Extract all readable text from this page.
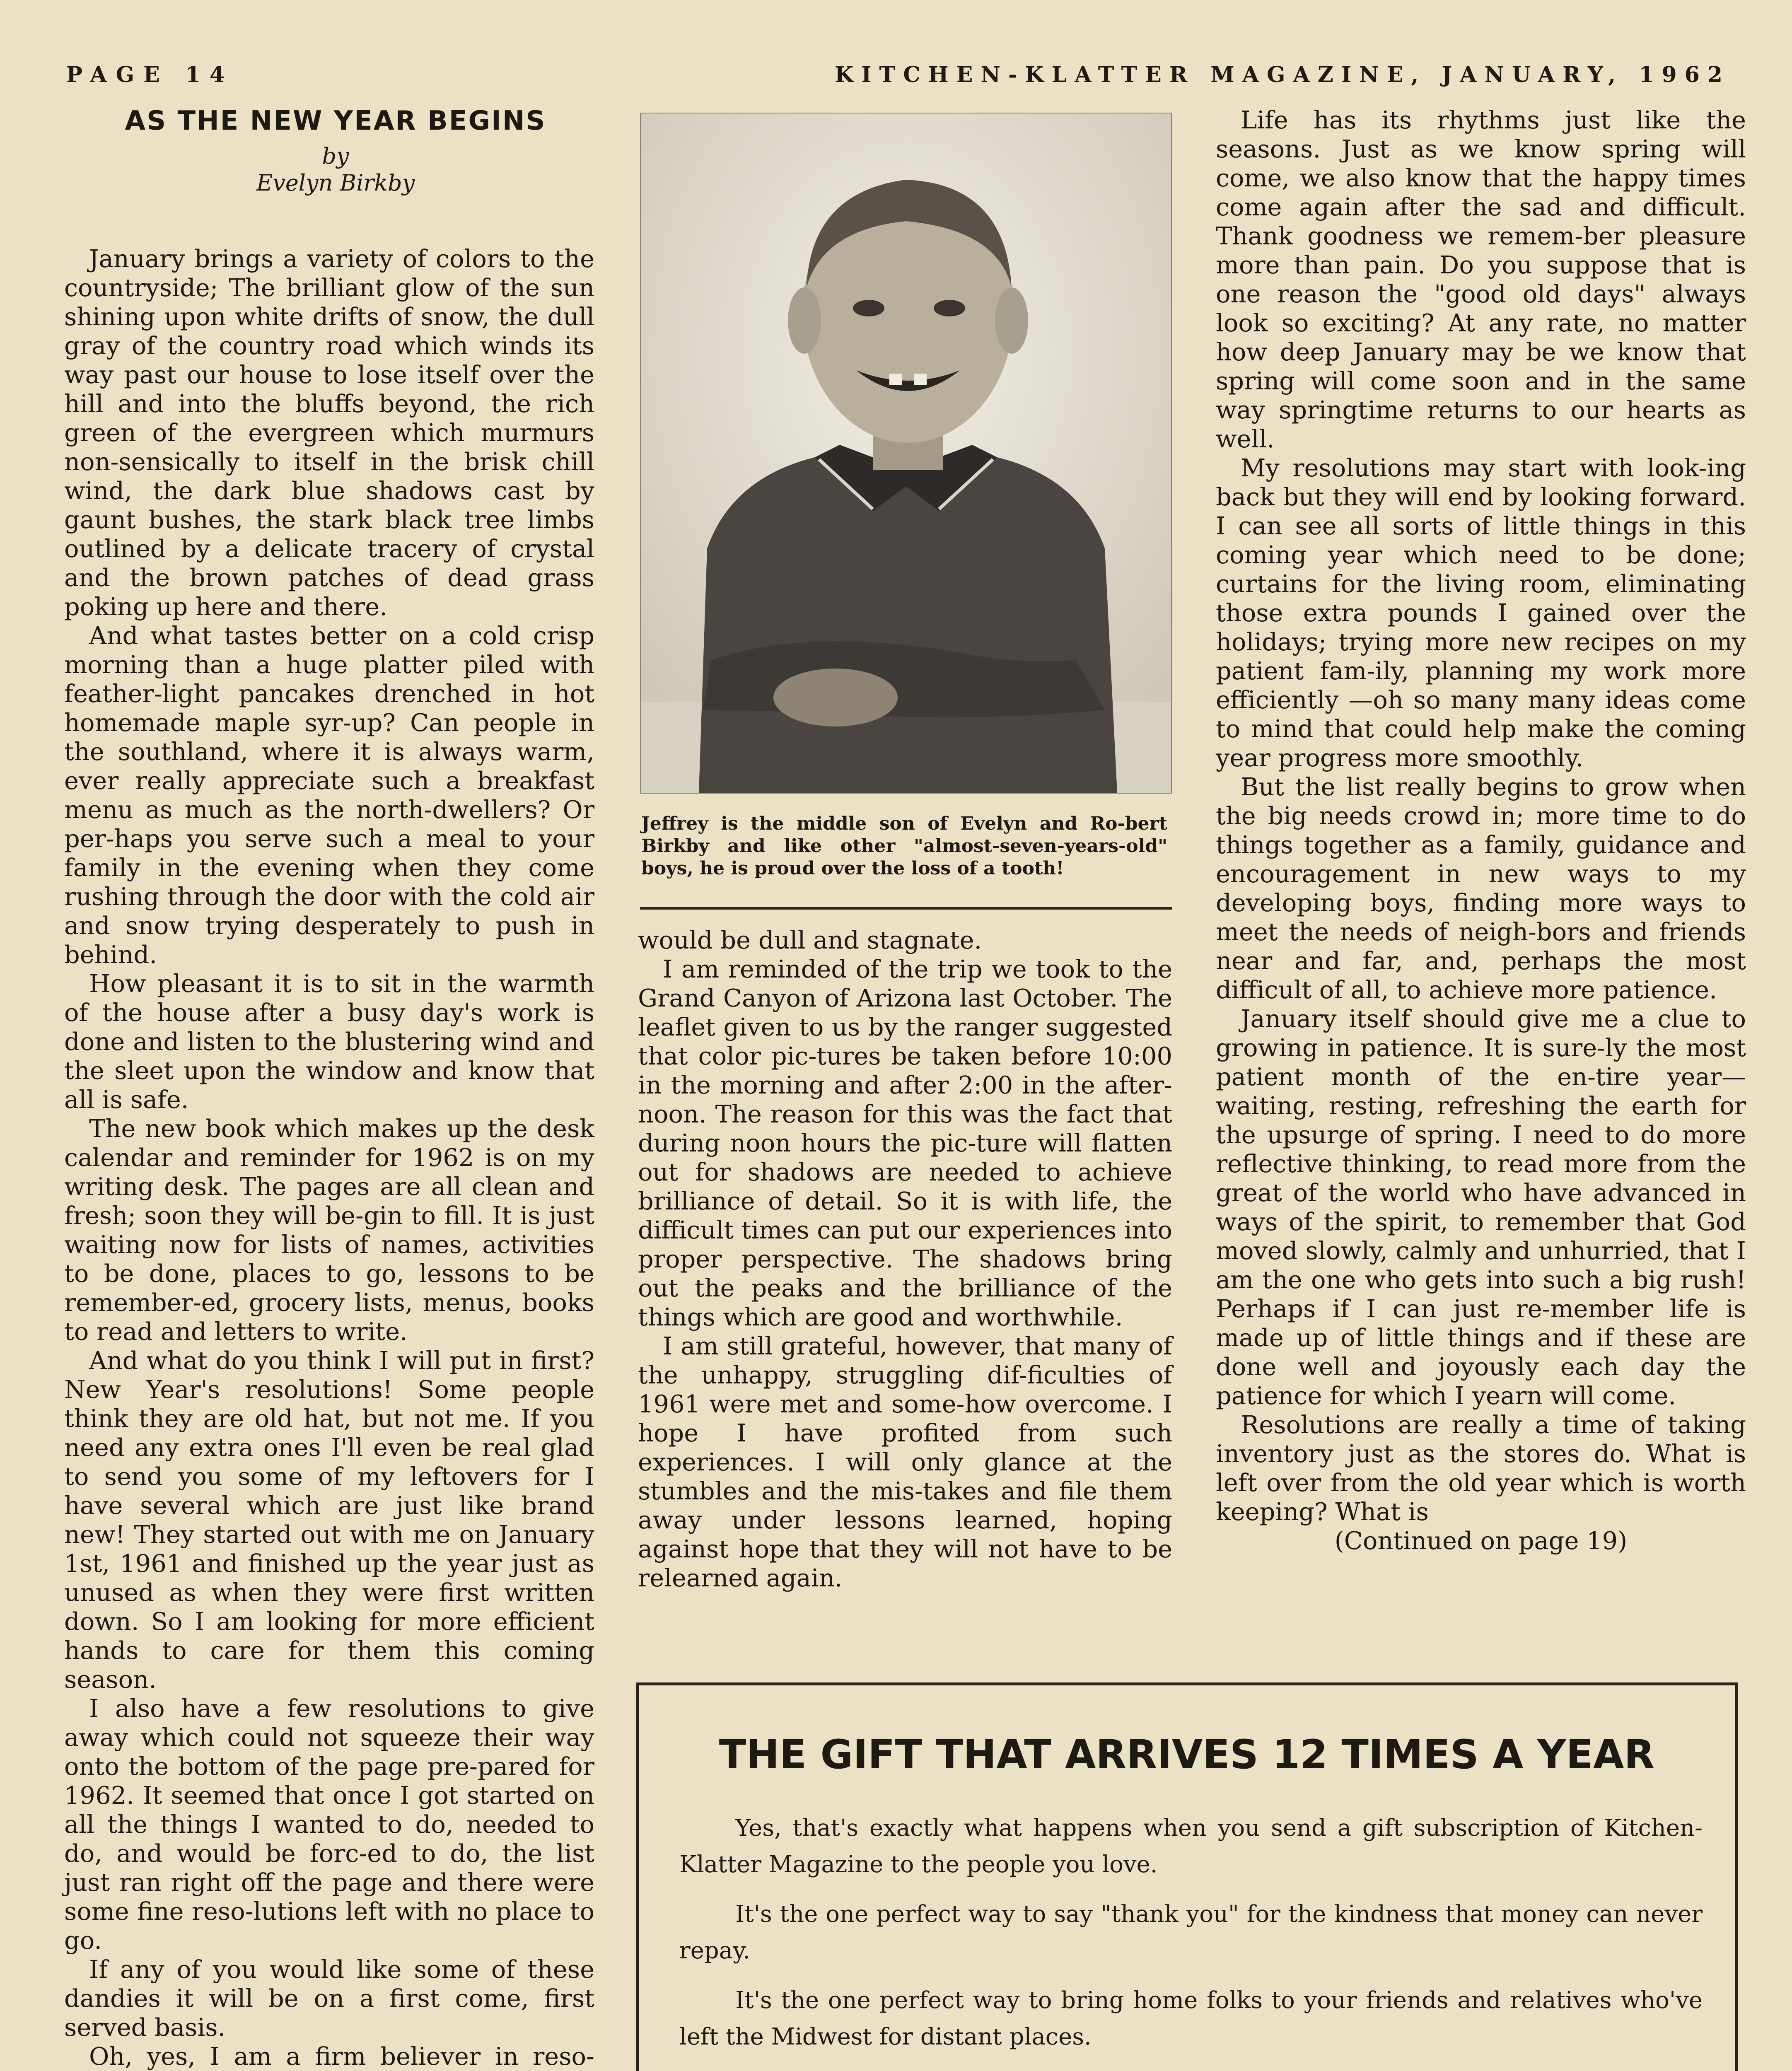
PAGE 14	KITCHEN-KLATTER MAGAZINE, JANUARY, 1962
AS THE NEW YEAR BEGINS
by
Evelyn Birkby

January brings a variety of colors to the countryside; The brilliant glow of the sun shining upon white drifts of snow, the dull gray of the country road which winds its way past our house to lose itself over the hill and into the bluffs beyond, the rich green of the evergreen which murmurs non-sensically to itself in the brisk chill wind, the dark blue shadows cast by gaunt bushes, the stark black tree limbs outlined by a delicate tracery of crystal and the brown patches of dead grass poking up here and there.

And what tastes better on a cold crisp morning than a huge platter piled with feather-light pancakes drenched in hot homemade maple syr-up? Can people in the southland, where it is always warm, ever really appreciate such a breakfast menu as much as the north-dwellers? Or per-haps you serve such a meal to your family in the evening when they come rushing through the door with the cold air and snow trying desperately to push in behind.

How pleasant it is to sit in the warmth of the house after a busy day's work is done and listen to the blustering wind and the sleet upon the window and know that all is safe.

The new book which makes up the desk calendar and reminder for 1962 is on my writing desk. The pages are all clean and fresh; soon they will be-gin to fill. It is just waiting now for lists of names, activities to be done, places to go, lessons to be remember-ed, grocery lists, menus, books to read and letters to write.

And what do you think I will put in first? New Year's resolutions! Some people think they are old hat, but not me. If you need any extra ones I'll even be real glad to send you some of my leftovers for I have several which are just like brand new! They started out with me on January 1st, 1961 and finished up the year just as unused as when they were first written down. So I am looking for more efficient hands to care for them this coming season.

I also have a few resolutions to give away which could not squeeze their way onto the bottom of the page pre-pared for 1962. It seemed that once I got started on all the things I wanted to do, needed to do, and would be forc-ed to do, the list just ran right off the page and there were some fine reso-lutions left with no place to go.

If any of you would like some of these dandies it will be on a first come, first served basis.

Oh, yes, I am a firm believer in reso-

Jeffrey is the middle son of Evelyn and Ro-bert Birkby and like other "almost-seven-years-old" boys, he is proud over the loss of a tooth!

would be dull and stagnate.

I am reminded of the trip we took to the Grand Canyon of Arizona last October. The leaflet given to us by the ranger suggested that color pic-tures be taken before 10:00 in the morning and after 2:00 in the after-noon. The reason for this was the fact that during noon hours the pic-ture will flatten out for shadows are needed to achieve brilliance of detail. So it is with life, the difficult times can put our experiences into proper perspective. The shadows bring out the peaks and the brilliance of the things which are good and worthwhile.

I am still grateful, however, that many of the unhappy, struggling dif-ficulties of 1961 were met and some-how overcome. I hope I have profited from such experiences. I will only glance at the stumbles and the mis-takes and file them away under lessons learned, hoping against hope that they will not have to be relearned again.

Life has its rhythms just like the seasons. Just as we know spring will come, we also know that the happy times come again after the sad and difficult. Thank goodness we remem-ber pleasure more than pain. Do you suppose that is one reason the "good old days" always look so exciting? At any rate, no matter how deep January may be we know that spring will come soon and in the same way springtime returns to our hearts as well.

My resolutions may start with look-ing back but they will end by looking forward. I can see all sorts of little things in this coming year which need to be done; curtains for the living room, eliminating those extra pounds I gained over the holidays; trying more new recipes on my patient fam-ily, planning my work more efficiently —oh so many many ideas come to mind that could help make the coming year progress more smoothly.

But the list really begins to grow when the big needs crowd in; more time to do things together as a family, guidance and encouragement in new ways to my developing boys, finding more ways to meet the needs of neigh-bors and friends near and far, and, perhaps the most difficult of all, to achieve more patience.

January itself should give me a clue to growing in patience. It is sure-ly the most patient month of the en-tire year—waiting, resting, refreshing the earth for the upsurge of spring. I need to do more reflective thinking, to read more from the great of the world who have advanced in ways of the spirit, to remember that God moved slowly, calmly and unhurried, that I am the one who gets into such a big rush! Perhaps if I can just re-member life is made up of little things and if these are done well and joyously each day the patience for which I yearn will come.

Resolutions are really a time of taking inventory just as the stores do. What is left over from the old year which is worth keeping? What is

(Continued on page 19)

THE GIFT THAT ARRIVES 12 TIMES A YEAR
Yes, that's exactly what happens when you send a gift subscription of Kitchen-Klatter Magazine to the people you love.
It's the one perfect way to say "thank you" for the kindness that money can never repay.
It's the one perfect way to bring home folks to your friends and relatives who've left the Midwest for distant places.
